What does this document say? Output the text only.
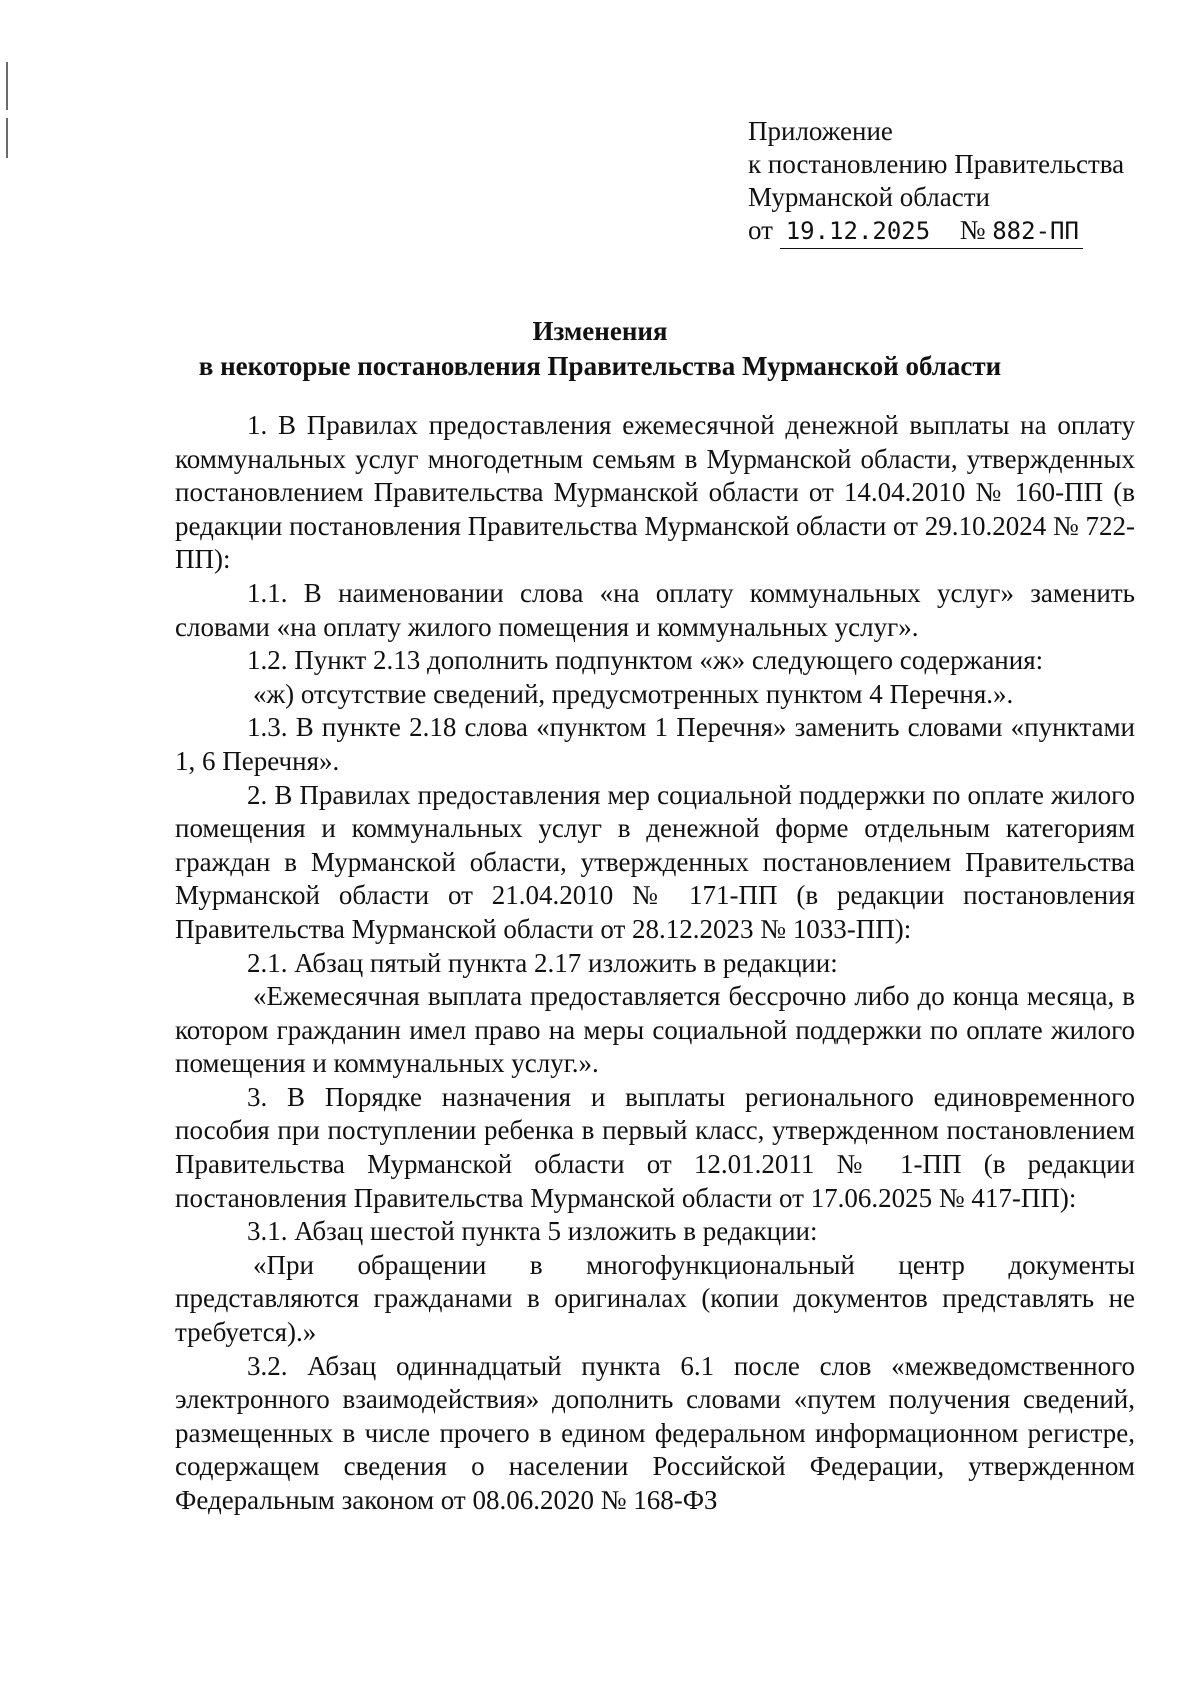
Приложение
к постановлению Правительства
Мурманской области
от 19.12.2025 № 882-ПП
Изменения
в некоторые постановления Правительства Мурманской области

1. В Правилах предоставления ежемесячной денежной выплаты на оплату коммунальных услуг многодетным семьям в Мурманской области, утвержденных постановлением Правительства Мурманской области от 14.04.2010 № 160-ПП (в редакции постановления Правительства Мурманской области от 29.10.2024 № 722-ПП):

1.1. В наименовании слова «на оплату коммунальных услуг» заменить словами «на оплату жилого помещения и коммунальных услуг».

1.2. Пункт 2.13 дополнить подпунктом «ж» следующего содержания:

«ж) отсутствие сведений, предусмотренных пунктом 4 Перечня.».

1.3. В пункте 2.18 слова «пунктом 1 Перечня» заменить словами «пунктами 1, 6 Перечня».

2. В Правилах предоставления мер социальной поддержки по оплате жилого помещения и коммунальных услуг в денежной форме отдельным категориям граждан в Мурманской области, утвержденных постановлением Правительства Мурманской области от 21.04.2010 № 171-ПП (в редакции постановления Правительства Мурманской области от 28.12.2023 № 1033-ПП):

2.1. Абзац пятый пункта 2.17 изложить в редакции:

«Ежемесячная выплата предоставляется бессрочно либо до конца месяца, в котором гражданин имел право на меры социальной поддержки по оплате жилого помещения и коммунальных услуг.».

3. В Порядке назначения и выплаты регионального единовременного пособия при поступлении ребенка в первый класс, утвержденном постановлением Правительства Мурманской области от 12.01.2011 № 1-ПП (в редакции постановления Правительства Мурманской области от 17.06.2025 № 417-ПП):

3.1. Абзац шестой пункта 5 изложить в редакции:

«При обращении в многофункциональный центр документы представляются гражданами в оригиналах (копии документов представлять не требуется).»

3.2. Абзац одиннадцатый пункта 6.1 после слов «межведомственного электронного взаимодействия» дополнить словами «путем получения сведений, размещенных в числе прочего в едином федеральном информационном регистре, содержащем сведения о населении Российской Федерации, утвержденном Федеральным законом от 08.06.2020 № 168-ФЗ
